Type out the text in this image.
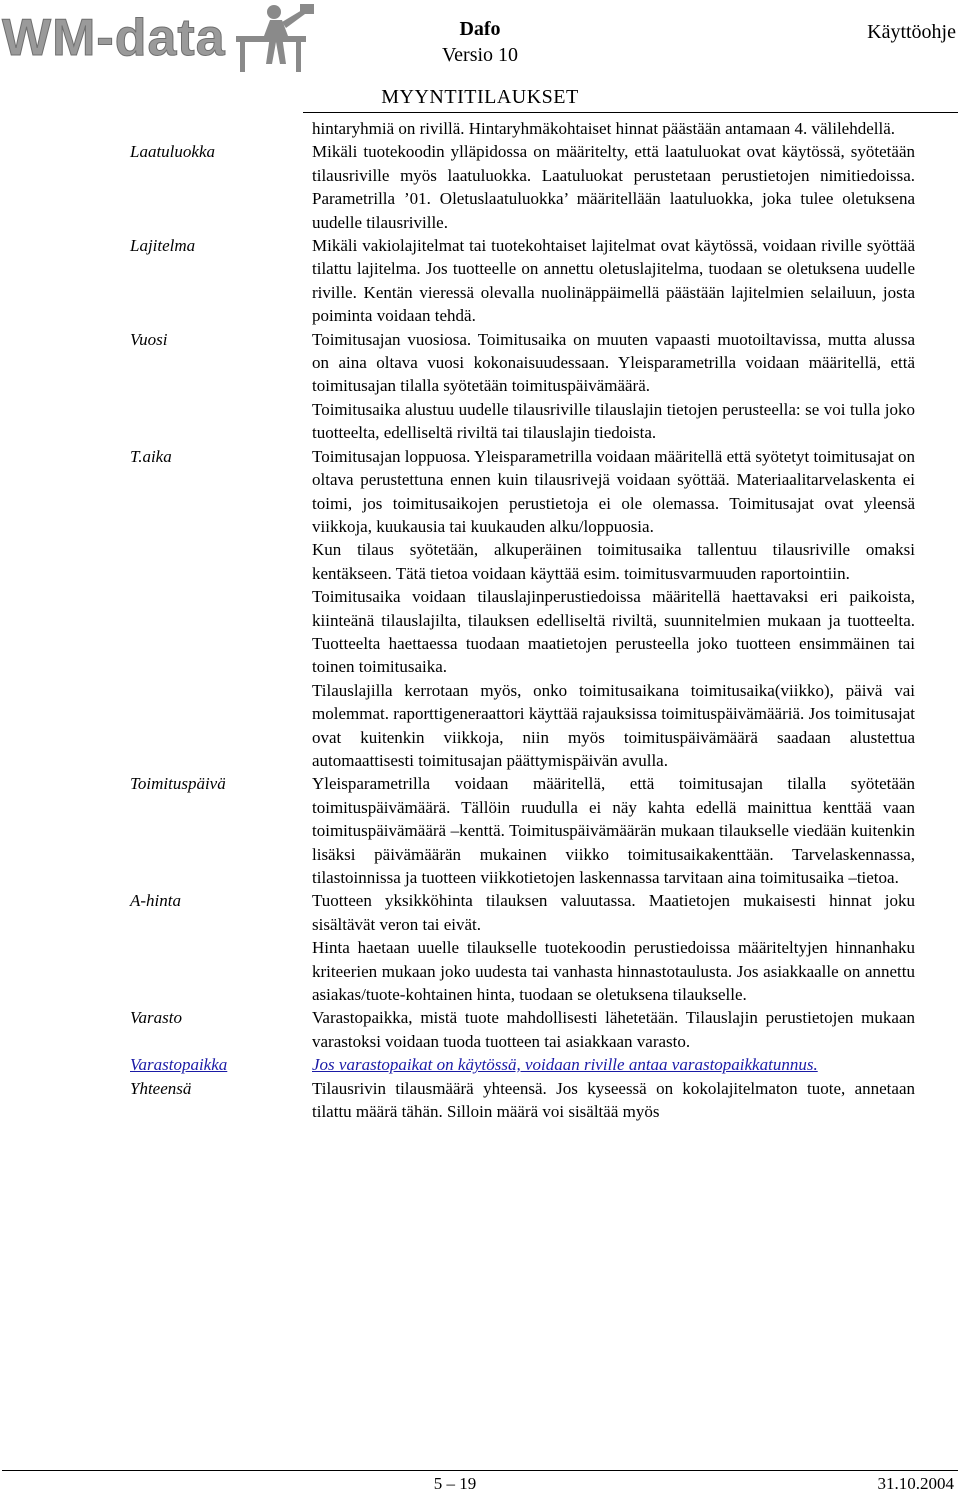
WM-data	Dafo
Versio 10
Käyttöohje
MYYNTITILAUKSET

hintaryhmiä on rivillä. Hintaryhmäkohtaiset hinnat päästään antamaan 4. välilehdellä.

Laatuluokka	Mikäli tuotekoodin ylläpidossa on määritelty, että laatuluokat ovat käytössä, syötetään tilausriville myös laatuluokka. Laatuluokat perustetaan perustietojen nimitiedoissa. Parametrilla ’01. Oletuslaatuluokka’ määritellään laatuluokka, joka tulee oletuksena uudelle tilausriville.

Lajitelma	Mikäli vakiolajitelmat tai tuotekohtaiset lajitelmat ovat käytössä, voidaan riville syöttää tilattu lajitelma. Jos tuotteelle on annettu oletuslajitelma, tuodaan se oletuksena uudelle riville. Kentän vieressä olevalla nuolinäppäimellä päästään lajitelmien selailuun, josta poiminta voidaan tehdä.

Vuosi	Toimitusajan vuosiosa. Toimitusaika on muuten vapaasti muotoiltavissa, mutta alussa on aina oltava vuosi kokonaisuudessaan. Yleisparametrilla voidaan määritellä, että toimitusajan tilalla syötetään toimituspäivämäärä.

Toimitusaika alustuu uudelle tilausriville tilauslajin tietojen perusteella: se voi tulla joko tuotteelta, edelliseltä riviltä tai tilauslajin tiedoista.

T.aika	Toimitusajan loppuosa. Yleisparametrilla voidaan määritellä että syötetyt toimitusajat on oltava perustettuna ennen kuin tilausrivejä voidaan syöttää. Materiaalitarvelaskenta ei toimi, jos toimitusaikojen perustietoja ei ole olemassa. Toimitusajat ovat yleensä viikkoja, kuukausia tai kuukauden alku/loppuosia.

Kun tilaus syötetään, alkuperäinen toimitusaika tallentuu tilausriville omaksi kentäkseen. Tätä tietoa voidaan käyttää esim. toimitusvarmuuden raportointiin.

Toimitusaika voidaan tilauslajinperustiedoissa määritellä haettavaksi eri paikoista, kiinteänä tilauslajilta, tilauksen edelliseltä riviltä, suunnitelmien mukaan ja tuotteelta. Tuotteelta haettaessa tuodaan maatietojen perusteella joko tuotteen ensimmäinen tai toinen toimitusaika.

Tilauslajilla kerrotaan myös, onko toimitusaikana toimitusaika(viikko), päivä vai molemmat. raporttigeneraattori käyttää rajauksissa toimituspäivämääriä. Jos toimitusajat ovat kuitenkin viikkoja, niin myös toimituspäivämäärä saadaan alustettua automaattisesti toimitusajan päättymispäivän avulla.

Toimituspäivä	Yleisparametrilla voidaan määritellä, että toimitusajan tilalla syötetään toimituspäivämäärä. Tällöin ruudulla ei näy kahta edellä mainittua kenttää vaan toimituspäivämäärä –kenttä. Toimituspäivämäärän mukaan tilaukselle viedään kuitenkin lisäksi päivämäärän mukainen viikko toimitusaikakenttään. Tarvelaskennassa, tilastoinnissa ja tuotteen viikkotietojen laskennassa tarvitaan aina toimitusaika –tietoa.

A-hinta	Tuotteen yksikköhinta tilauksen valuutassa. Maatietojen mukaisesti hinnat joku sisältävät veron tai eivät.

Hinta haetaan uuelle tilaukselle tuotekoodin perustiedoissa määriteltyjen hinnanhaku kriteerien mukaan joko uudesta tai vanhasta hinnastotaulusta. Jos asiakkaalle on annettu asiakas/tuote-kohtainen hinta, tuodaan se oletuksena tilaukselle.

Varasto	Varastopaikka, mistä tuote mahdollisesti lähetetään. Tilauslajin perustietojen mukaan varastoksi voidaan tuoda tuotteen tai asiakkaan varasto.

Varastopaikka	Jos varastopaikat on käytössä, voidaan riville antaa varastopaikkatunnus.

Yhteensä	Tilausrivin tilausmäärä yhteensä. Jos kyseessä on kokolajitelmaton tuote, annetaan tilattu määrä tähän. Silloin määrä voi sisältää myös

5 – 19	31.10.2004
